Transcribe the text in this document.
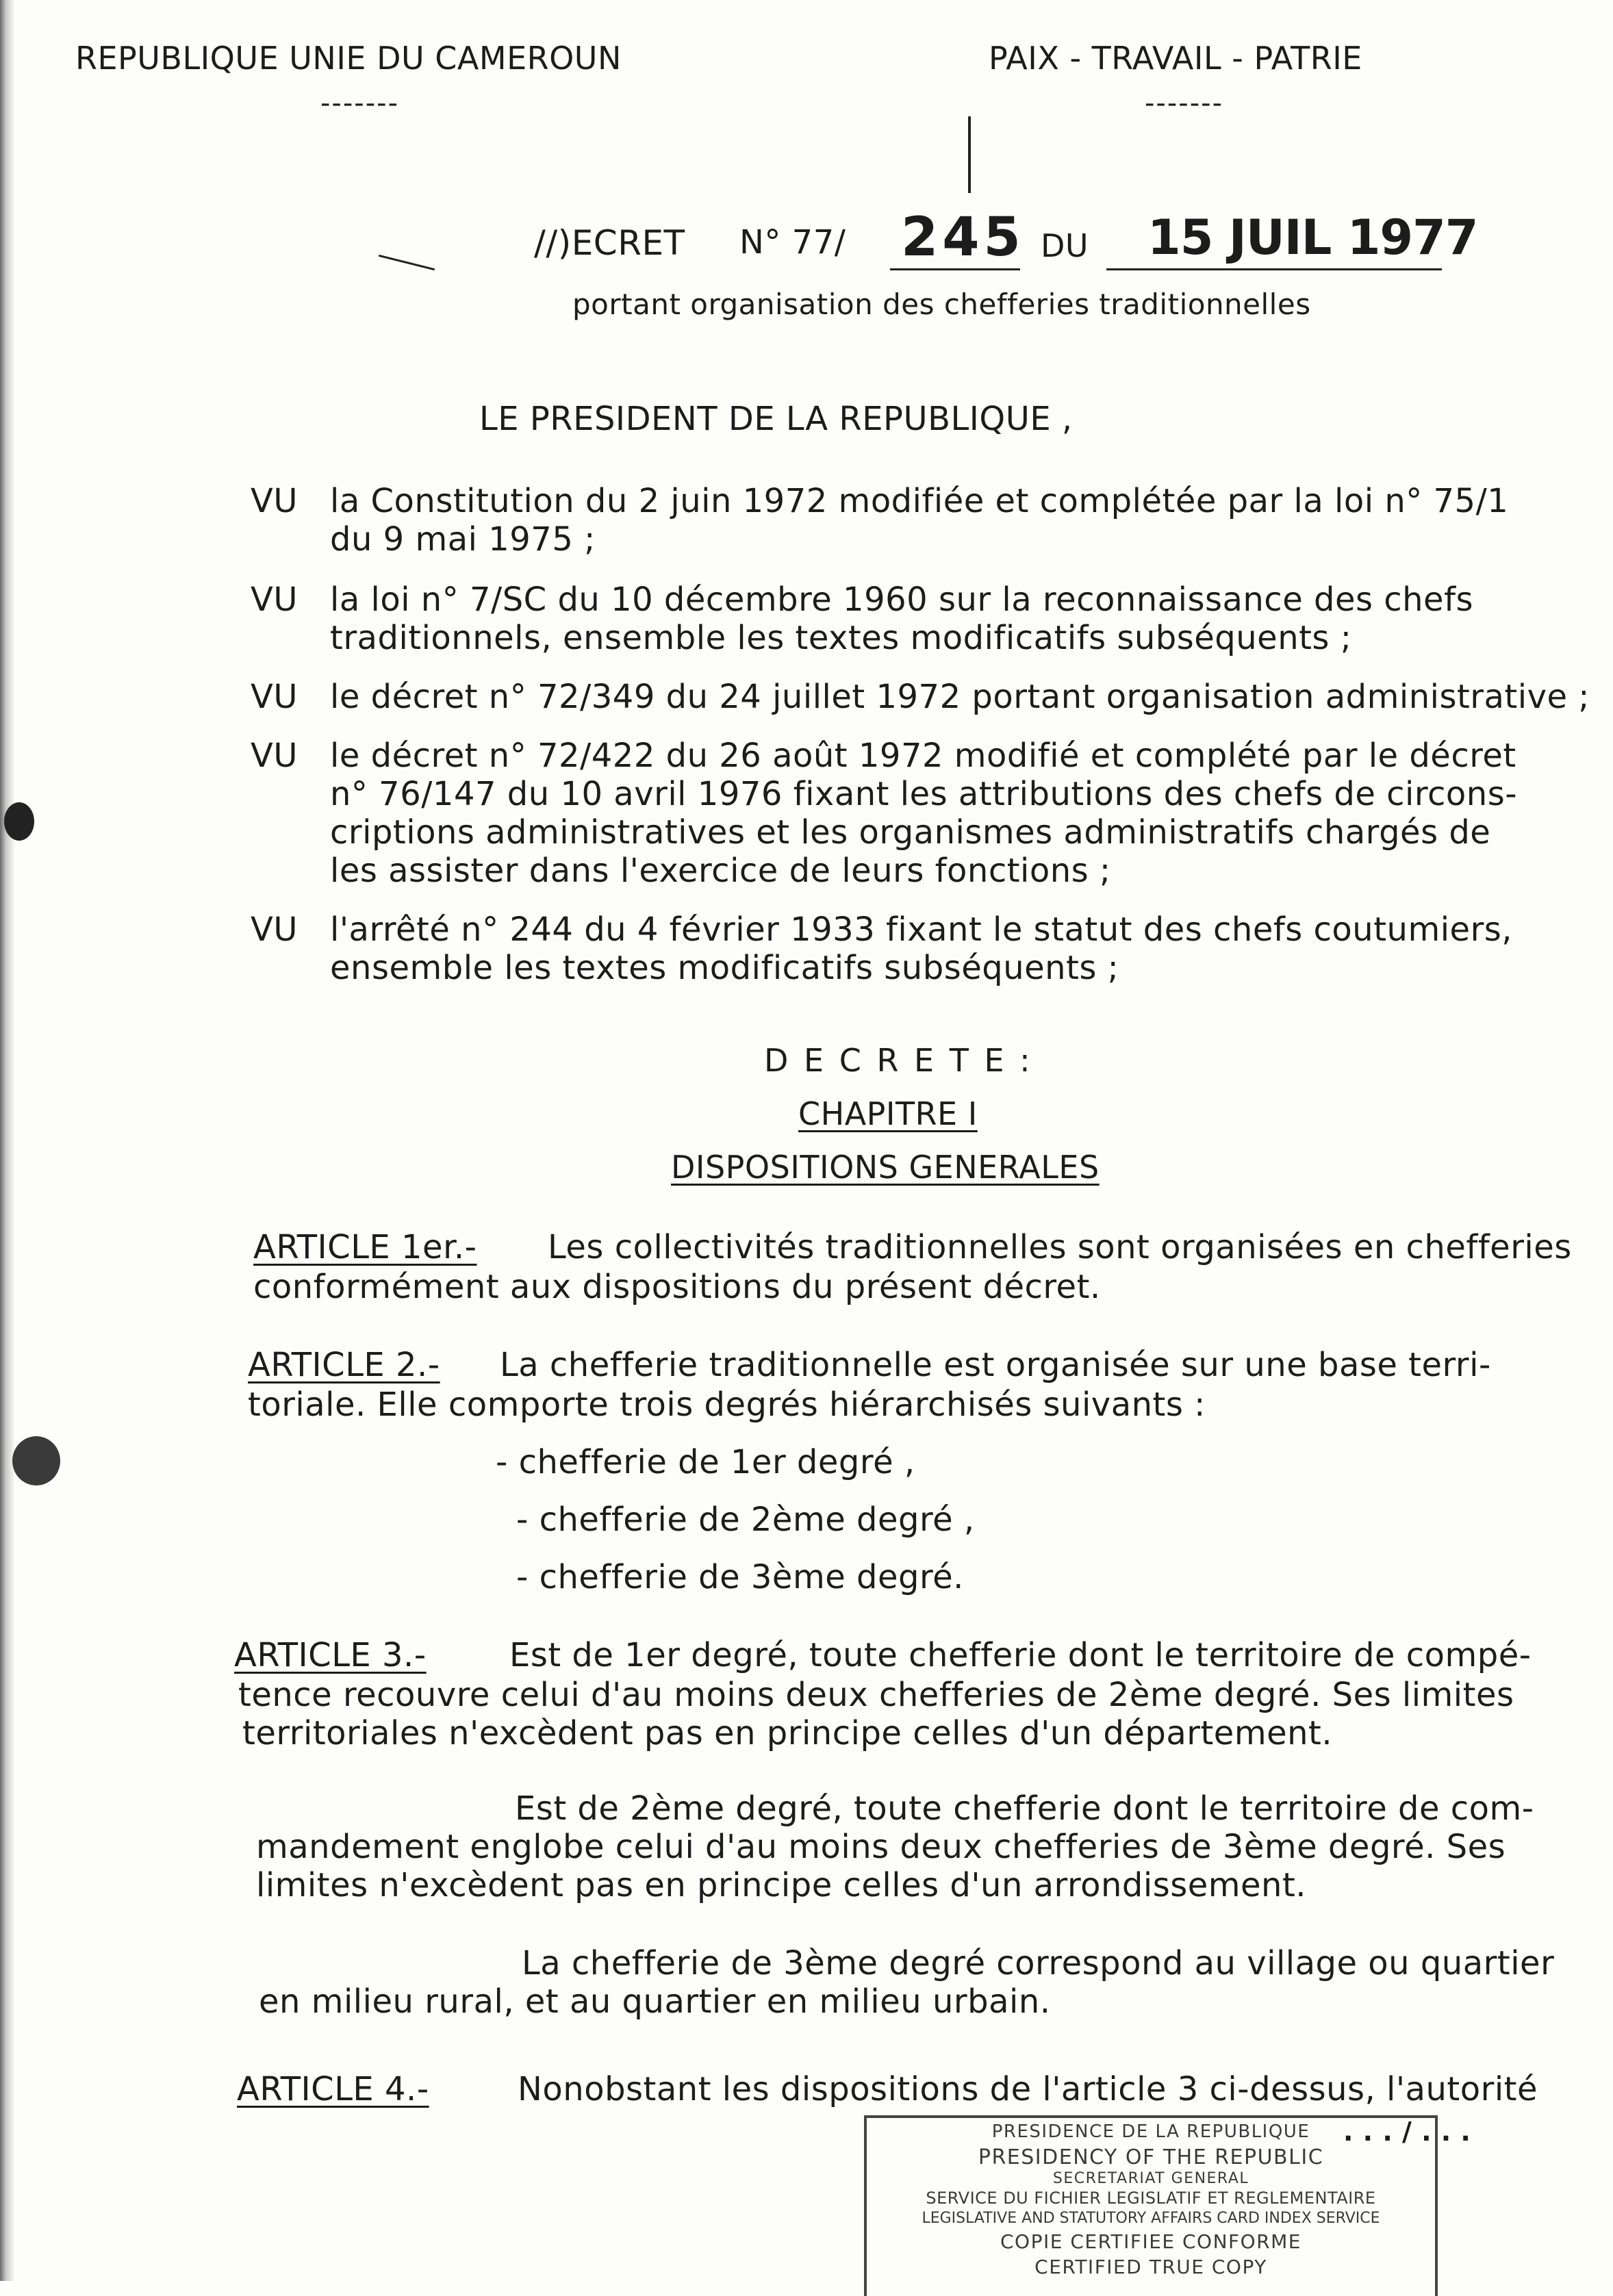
REPUBLIQUE UNIE DU CAMEROUN
-------
PAIX - TRAVAIL - PATRIE
-------
//)ECRET N° 77/ 245 DU 15 JUIL 1977
portant organisation des chefferies traditionnelles
LE PRESIDENT DE LA REPUBLIQUE ,
VU la Constitution du 2 juin 1972 modifiée et complétée par la loi n° 75/1
du 9 mai 1975 ;
VU la loi n° 7/SC du 10 décembre 1960 sur la reconnaissance des chefs
traditionnels, ensemble les textes modificatifs subséquents ;
VU le décret n° 72/349 du 24 juillet 1972 portant organisation administrative ;
VU le décret n° 72/422 du 26 août 1972 modifié et complété par le décret
n° 76/147 du 10 avril 1976 fixant les attributions des chefs de circons-
criptions administratives et les organismes administratifs chargés de
les assister dans l'exercice de leurs fonctions ;
VU l'arrêté n° 244 du 4 février 1933 fixant le statut des chefs coutumiers,
ensemble les textes modificatifs subséquents ;
D E C R E T E :
CHAPITRE I
DISPOSITIONS GENERALES
ARTICLE 1er.- Les collectivités traditionnelles sont organisées en chefferies
conformément aux dispositions du présent décret.
ARTICLE 2.- La chefferie traditionnelle est organisée sur une base terri-
toriale. Elle comporte trois degrés hiérarchisés suivants :
- chefferie de 1er degré ,
- chefferie de 2ème degré ,
- chefferie de 3ème degré.
ARTICLE 3.-	Est de 1er degré, toute chefferie dont le territoire de compé-
tence recouvre celui d'au moins deux chefferies de 2ème degré. Ses limites
territoriales n'excèdent pas en principe celles d'un département.
Est de 2ème degré, toute chefferie dont le territoire de com-
mandement englobe celui d'au moins deux chefferies de 3ème degré. Ses
limites n'excèdent pas en principe celles d'un arrondissement.
La chefferie de 3ème degré correspond au village ou quartier
en milieu rural, et au quartier en milieu urbain.
ARTICLE 4.-	Nonobstant les dispositions de l'article 3 ci-dessus, l'autorité
. . . / . . .
PRESIDENCE DE LA REPUBLIQUE
PRESIDENCY OF THE REPUBLIC
SECRETARIAT GENERAL
SERVICE DU FICHIER LEGISLATIF ET REGLEMENTAIRE
LEGISLATIVE AND STATUTORY AFFAIRS CARD INDEX SERVICE
COPIE CERTIFIEE CONFORME
CERTIFIED TRUE COPY
